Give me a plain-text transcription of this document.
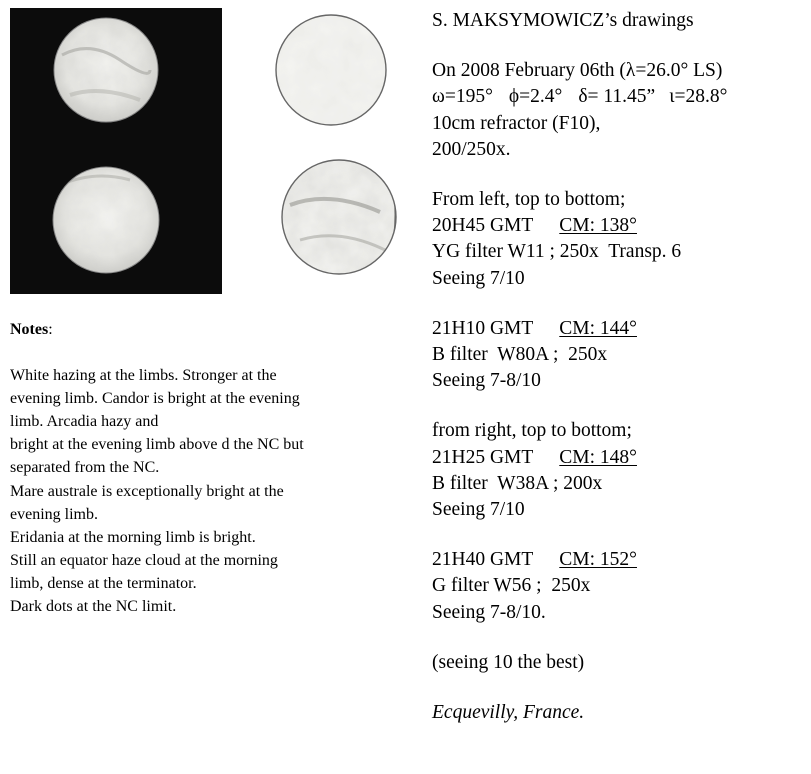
Notes:

White hazing at the limbs. Stronger at the

evening limb. Candor is bright at the evening

limb. Arcadia hazy and

bright at the evening limb above d the NC but

separated from the NC.

Mare australe is exceptionally bright at the

evening limb.

Eridania at the morning limb is bright.

Still an equator haze cloud at the morning

limb, dense at the terminator.

Dark dots at the NC limit.

S. MAKSYMOWICZ’s drawings
On 2008 February 06th (λ=26.0° LS)
ω=195° ϕ=2.4° δ= 11.45” ι=28.8°
10cm refractor (F10),
200/250x.
From left, top to bottom;
20H45 GMT CM: 138°
YG filter W11 ; 250x  Transp. 6
Seeing 7/10
21H10 GMT CM: 144°
B filter  W80A ;  250x
Seeing 7-8/10
from right, top to bottom;
21H25 GMT CM: 148°
B filter  W38A ; 200x
Seeing 7/10
21H40 GMT CM: 152°
G filter W56 ;  250x
Seeing 7-8/10.
(seeing 10 the best)
Ecquevilly, France.
